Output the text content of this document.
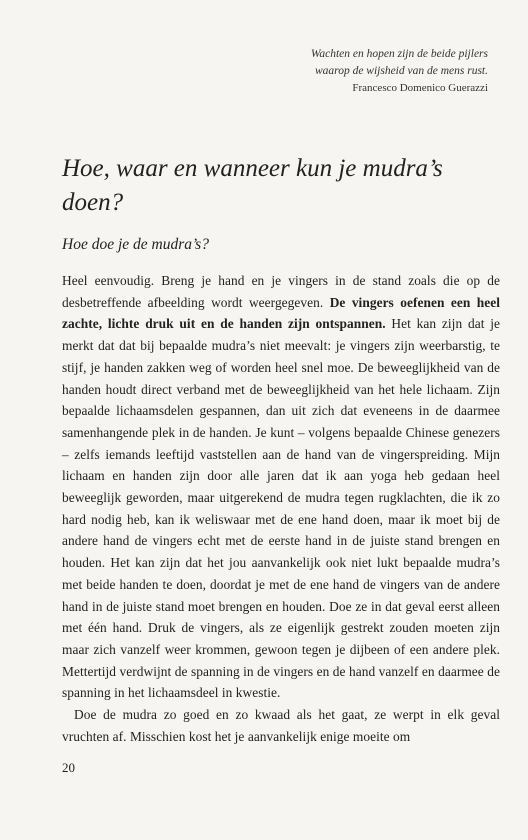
Wachten en hopen zijn de beide pijlers
waarop de wijsheid van de mens rust.
Francesco Domenico Guerazzi
Hoe, waar en wanneer kun je mudra’s doen?
Hoe doe je de mudra’s?

Heel eenvoudig. Breng je hand en je vingers in de stand zoals die op de desbetreffende afbeelding wordt weergegeven. De vingers oefenen een heel zachte, lichte druk uit en de handen zijn ontspannen. Het kan zijn dat je merkt dat dat bij bepaalde mudra’s niet meevalt: je vingers zijn weerbarstig, te stijf, je handen zakken weg of worden heel snel moe. De beweeglijkheid van de handen houdt direct verband met de beweeglijkheid van het hele lichaam. Zijn bepaalde lichaamsdelen gespannen, dan uit zich dat eveneens in de daarmee samenhangende plek in de handen. Je kunt – volgens bepaalde Chinese genezers – zelfs iemands leeftijd vaststellen aan de hand van de vingerspreiding. Mijn lichaam en handen zijn door alle jaren dat ik aan yoga heb gedaan heel beweeglijk geworden, maar uitgerekend de mudra tegen rugklachten, die ik zo hard nodig heb, kan ik weliswaar met de ene hand doen, maar ik moet bij de andere hand de vingers echt met de eerste hand in de juiste stand brengen en houden. Het kan zijn dat het jou aanvankelijk ook niet lukt bepaalde mudra’s met beide handen te doen, doordat je met de ene hand de vingers van de andere hand in de juiste stand moet brengen en houden. Doe ze in dat geval eerst alleen met één hand. Druk de vingers, als ze eigenlijk gestrekt zouden moeten zijn maar zich vanzelf weer krommen, gewoon tegen je dijbeen of een andere plek. Mettertijd verdwijnt de spanning in de vingers en de hand vanzelf en daarmee de spanning in het lichaamsdeel in kwestie.

Doe de mudra zo goed en zo kwaad als het gaat, ze werpt in elk geval vruchten af. Misschien kost het je aanvankelijk enige moeite om

20
